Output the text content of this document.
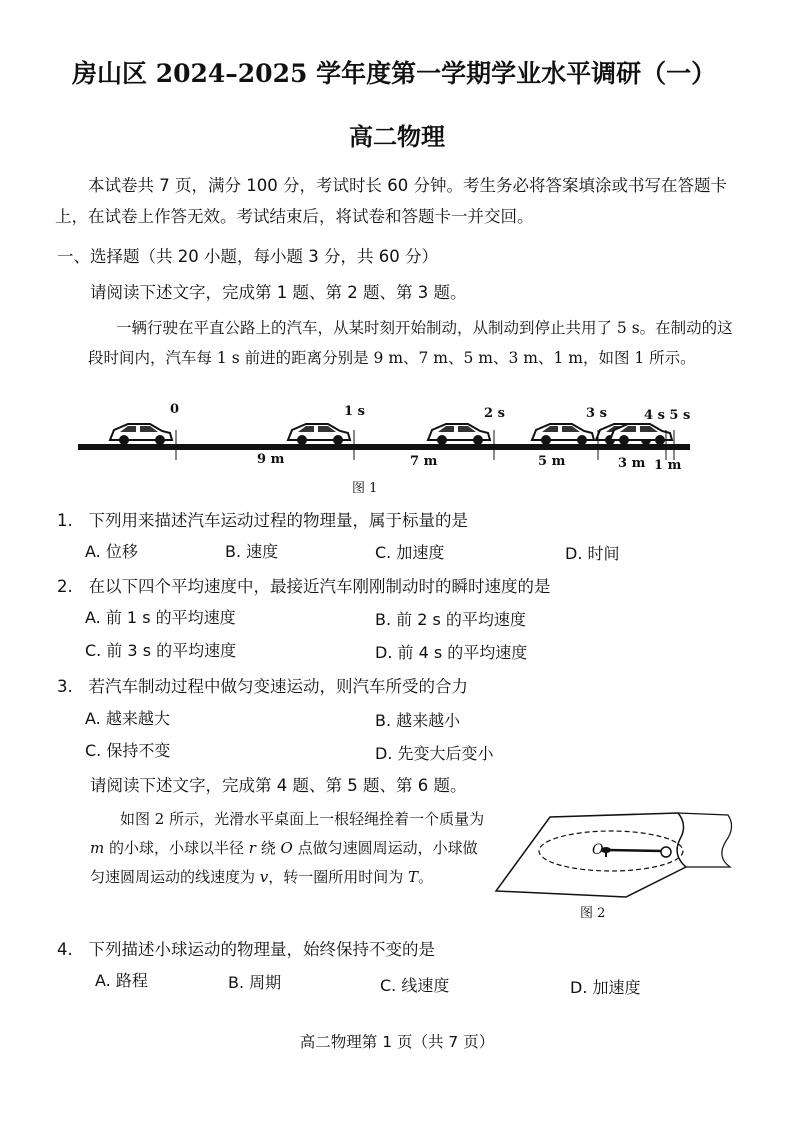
房山区 2024–2025 学年度第一学期学业水平调研（一）
高二物理
本试卷共 7 页，满分 100 分，考试时长 60 分钟。考生务必将答案填涂或书写在答题卡上，在试卷上作答无效。考试结束后，将试卷和答题卡一并交回。
一、选择题（共 20 小题，每小题 3 分，共 60 分）
请阅读下述文字，完成第 1 题、第 2 题、第 3 题。
一辆行驶在平直公路上的汽车，从某时刻开始制动，从制动到停止共用了 5 s。在制动的这段时间内，汽车每 1 s 前进的距离分别是 9 m、7 m、5 m、3 m、1 m，如图 1 所示。
0	1 s	2 s	3 s	4 s 5 s
9 m	7 m	5 m	3 m 1 m
图 1
1. 下列用来描述汽车运动过程的物理量，属于标量的是
A. 位移	B. 速度	C. 加速度	D. 时间
2. 在以下四个平均速度中，最接近汽车刚刚制动时的瞬时速度的是
A. 前 1 s 的平均速度	B. 前 2 s 的平均速度
C. 前 3 s 的平均速度	D. 前 4 s 的平均速度
3. 若汽车制动过程中做匀变速运动，则汽车所受的合力
A. 越来越大	B. 越来越小
C. 保持不变	D. 先变大后变小
请阅读下述文字，完成第 4 题、第 5 题、第 6 题。
如图 2 所示，光滑水平桌面上一根轻绳拴着一个质量为 m 的小球，小球以半径 r 绕 O 点做匀速圆周运动，小球做匀速圆周运动的线速度为 v，转一圈所用时间为 T。
O
图 2
4. 下列描述小球运动的物理量，始终保持不变的是
A. 路程	B. 周期	C. 线速度	D. 加速度
高二物理第 1 页（共 7 页）
